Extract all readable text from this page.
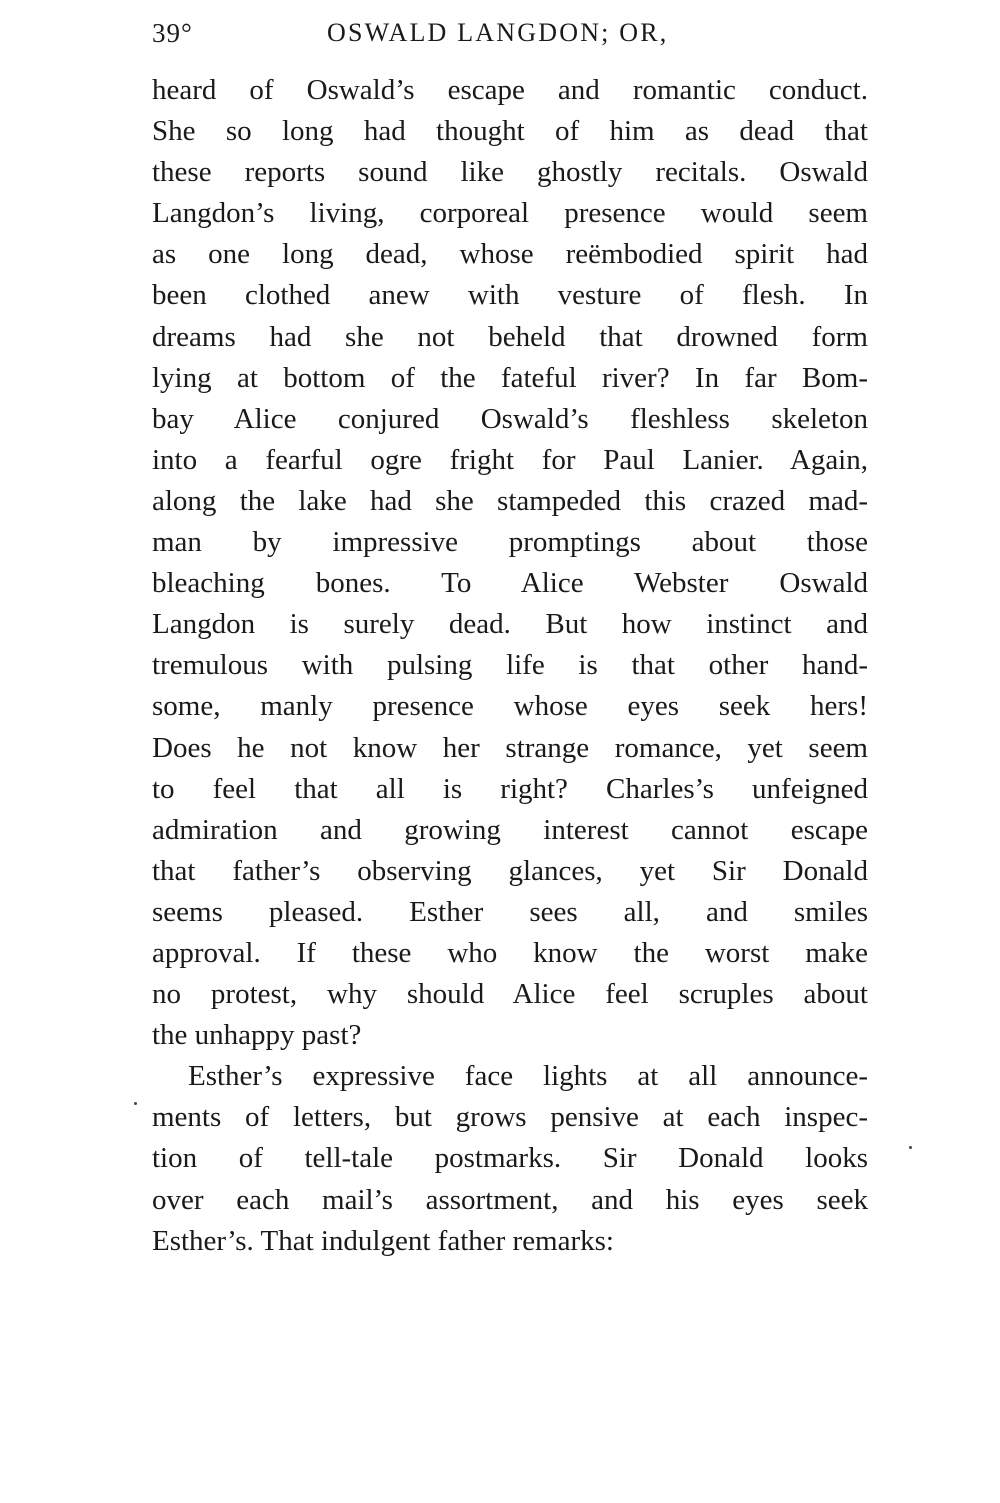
39°	OSWALD LANGDON; OR,
heard of Oswald’s escape and romantic conduct.
She so long had thought of him as dead that
these reports sound like ghostly recitals. Oswald
Langdon’s living, corporeal presence would seem
as one long dead, whose reëmbodied spirit had
been clothed anew with vesture of flesh. In
dreams had she not beheld that drowned form
lying at bottom of the fateful river? In far Bom-
bay Alice conjured Oswald’s fleshless skeleton
into a fearful ogre fright for Paul Lanier. Again,
along the lake had she stampeded this crazed mad-
man by impressive promptings about those
bleaching bones. To Alice Webster Oswald
Langdon is surely dead. But how instinct and
tremulous with pulsing life is that other hand-
some, manly presence whose eyes seek hers!
Does he not know her strange romance, yet seem
to feel that all is right? Charles’s unfeigned
admiration and growing interest cannot escape
that father’s observing glances, yet Sir Donald
seems pleased. Esther sees all, and smiles
approval. If these who know the worst make
no protest, why should Alice feel scruples about
the unhappy past?
Esther’s expressive face lights at all announce-
ments of letters, but grows pensive at each inspec-
tion of tell-tale postmarks. Sir Donald looks
over each mail’s assortment, and his eyes seek
Esther’s. That indulgent father remarks:
